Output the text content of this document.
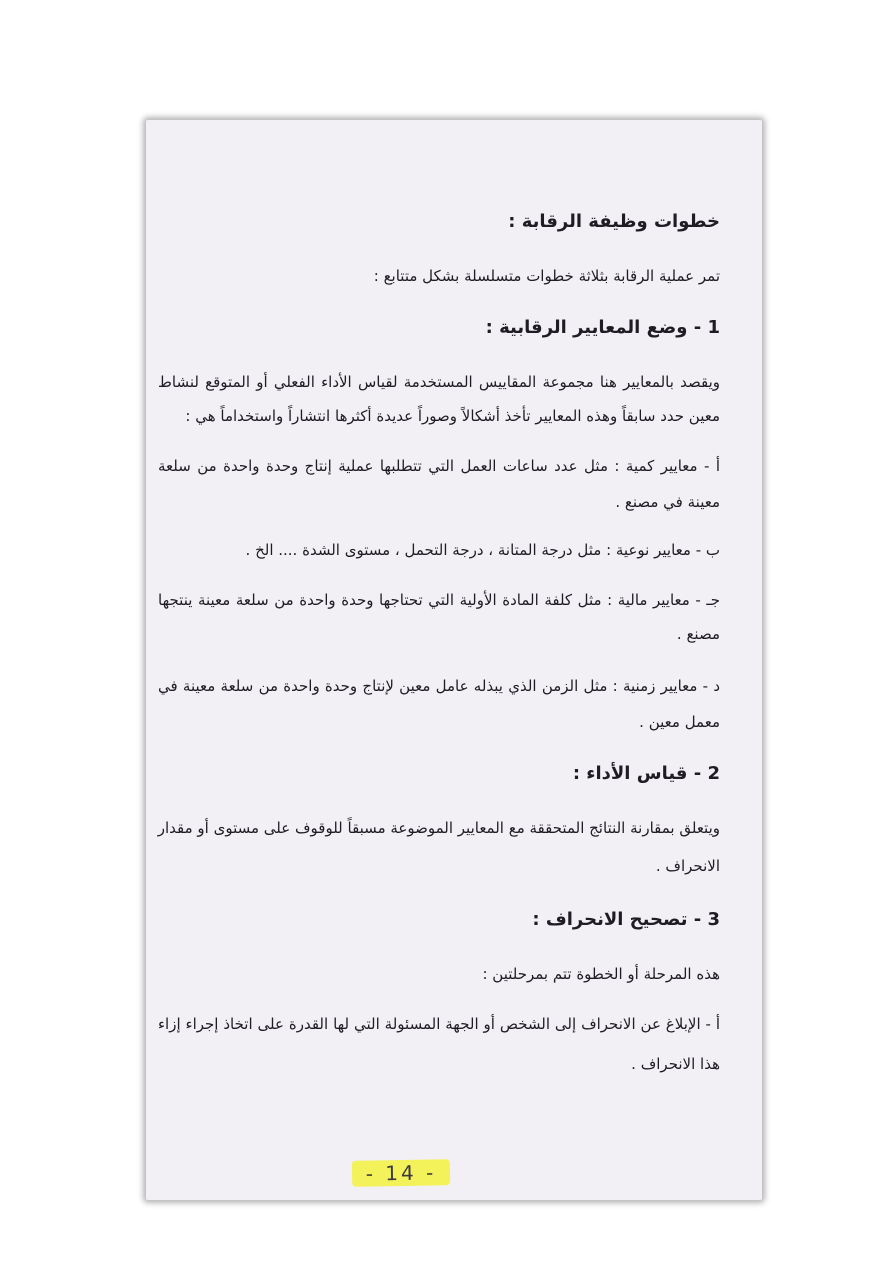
خطوات وظيفة الرقابة :

تمر عملية الرقابة بثلاثة خطوات متسلسلة بشكل متتابع :

1 - وضع المعايير الرقابية :

ويقصد بالمعايير هنا مجموعة المقاييس المستخدمة لقياس الأداء الفعلي أو المتوقع لنشاط

معين حدد سابقاً وهذه المعايير تأخذ أشكالاً وصوراً عديدة أكثرها انتشاراً واستخداماً هي :

أ - معايير كمية : مثل عدد ساعات العمل التي تتطلبها عملية إنتاج وحدة واحدة من سلعة

معينة في مصنع .

ب - معايير نوعية : مثل درجة المتانة ، درجة التحمل ، مستوى الشدة .... الخ .

جـ - معايير مالية : مثل كلفة المادة الأولية التي تحتاجها وحدة واحدة من سلعة معينة ينتجها

مصنع .

د - معايير زمنية : مثل الزمن الذي يبذله عامل معين لإنتاج وحدة واحدة من سلعة معينة في

معمل معين .

2 - قياس الأداء :

ويتعلق بمقارنة النتائج المتحققة مع المعايير الموضوعة مسبقاً للوقوف على مستوى أو مقدار

الانحراف .

3 - تصحيح الانحراف :

هذه المرحلة أو الخطوة تتم بمرحلتين :

أ - الإبلاغ عن الانحراف إلى الشخص أو الجهة المسئولة التي لها القدرة على اتخاذ إجراء إزاء

هذا الانحراف .

- 14 -
